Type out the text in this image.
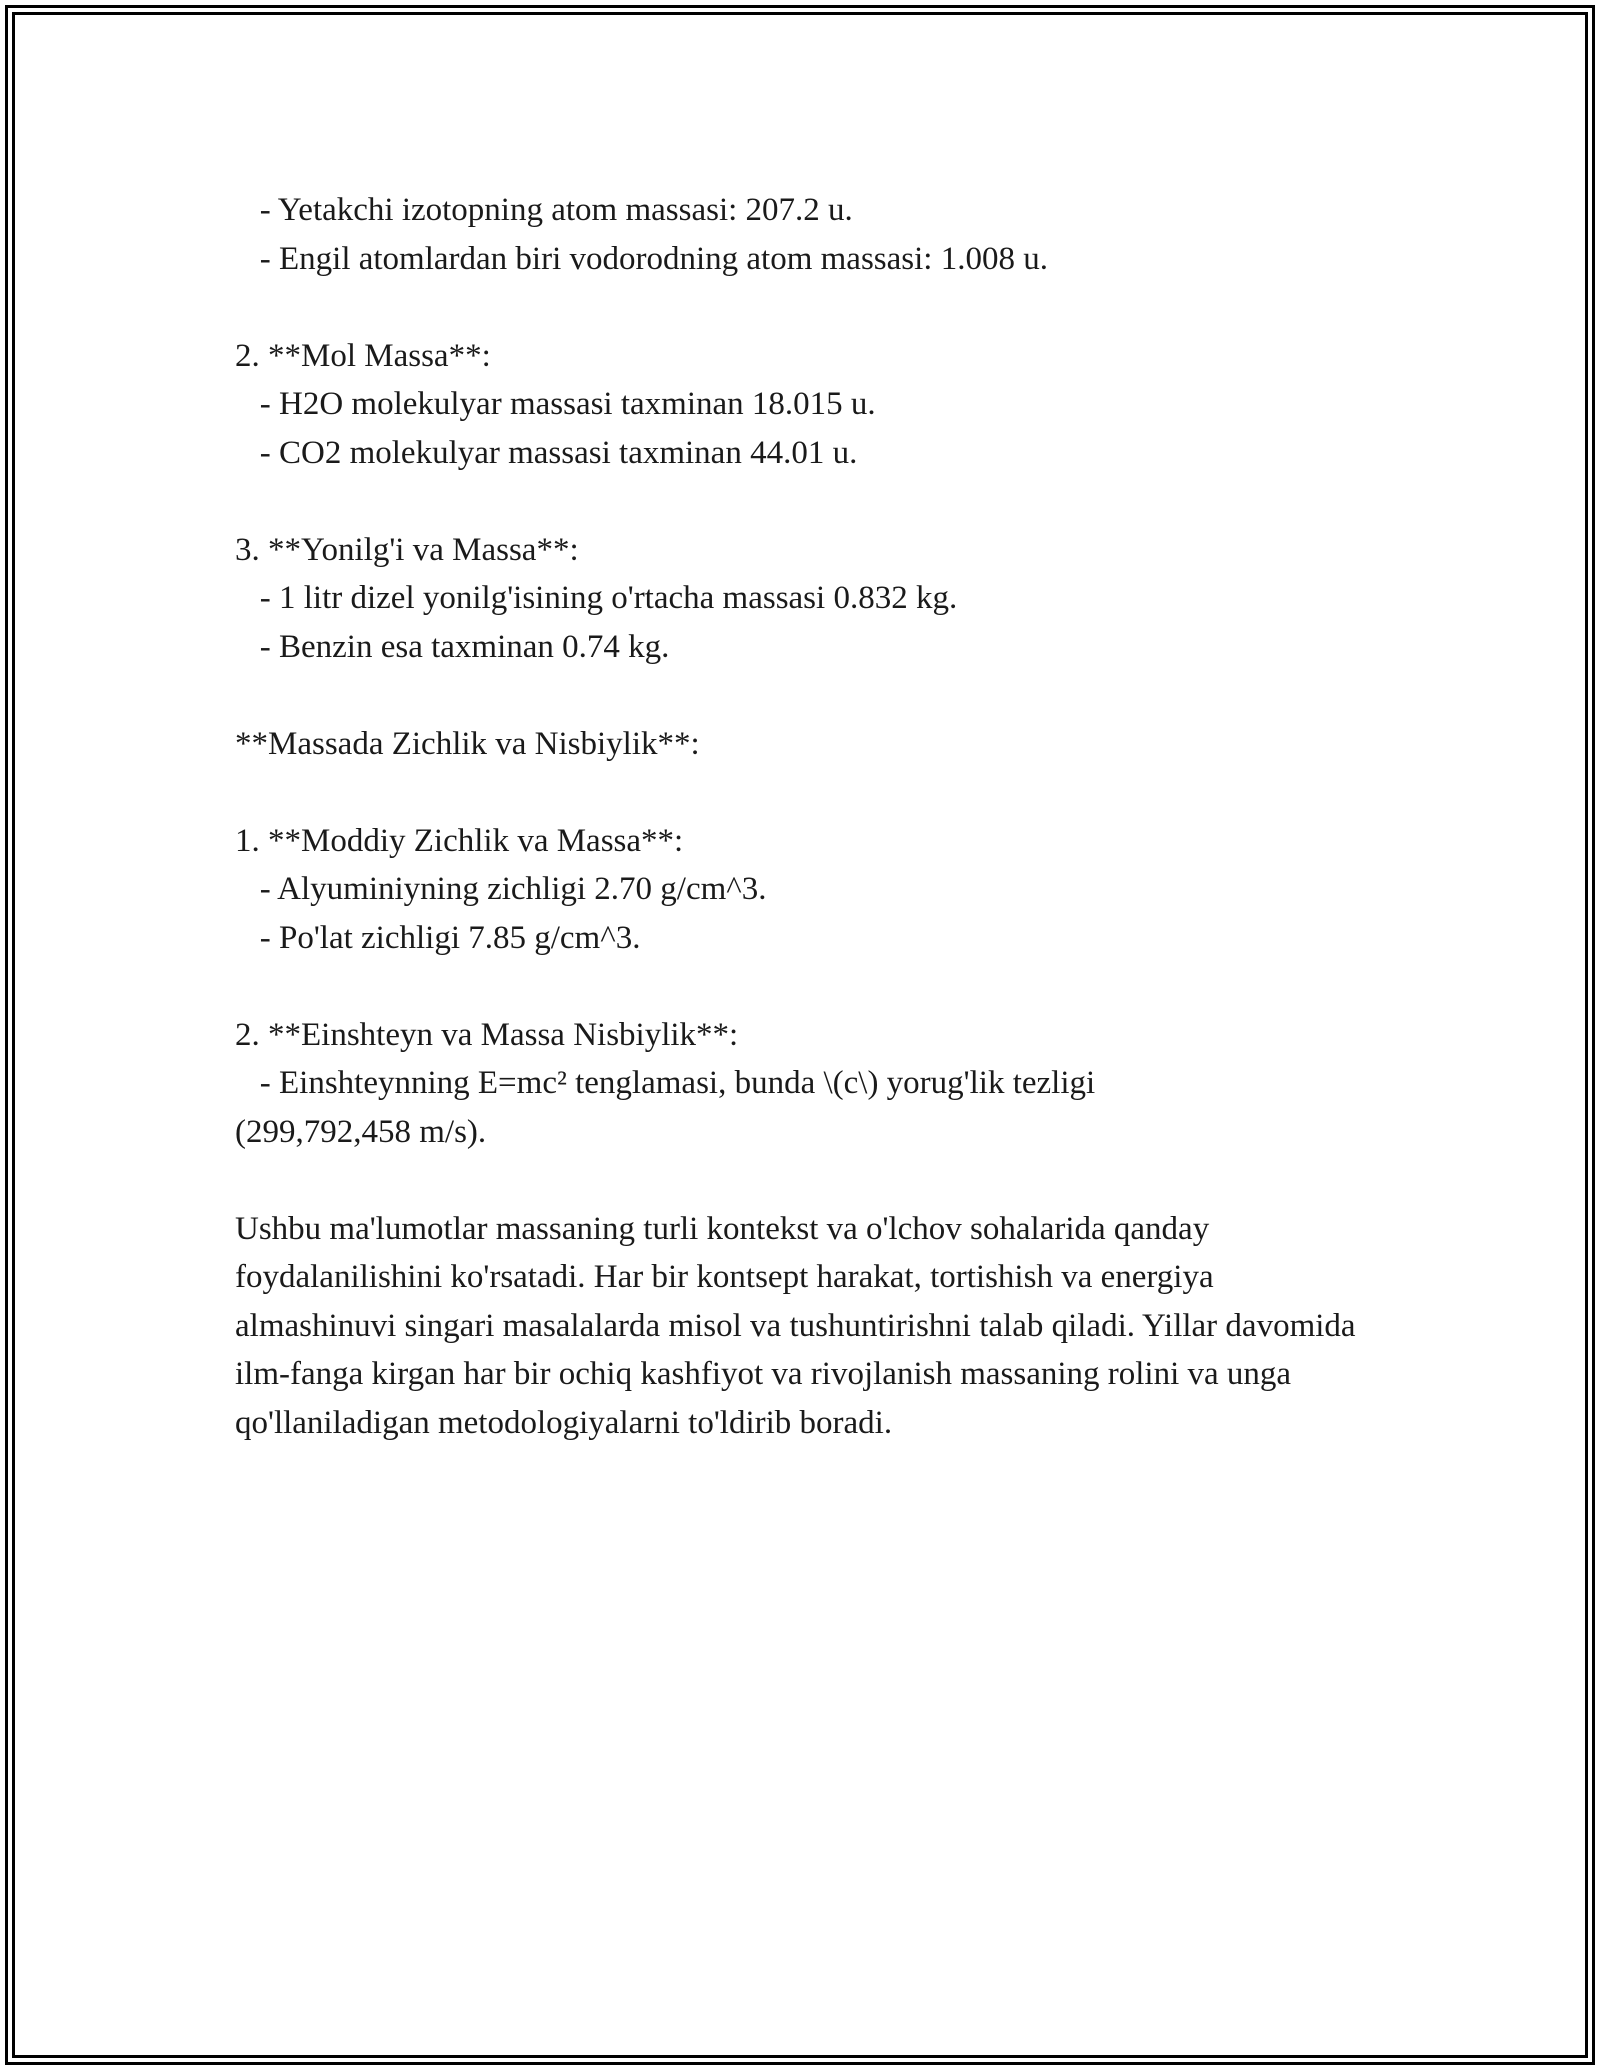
- Yetakchi izotopning atom massasi: 207.2 u.
- Engil atomlardan biri vodorodning atom massasi: 1.008 u.
2. **Mol Massa**:
- H2O molekulyar massasi taxminan 18.015 u.
- CO2 molekulyar massasi taxminan 44.01 u.
3. **Yonilg'i va Massa**:
- 1 litr dizel yonilg'isining o'rtacha massasi 0.832 kg.
- Benzin esa taxminan 0.74 kg.
**Massada Zichlik va Nisbiylik**:
1. **Moddiy Zichlik va Massa**:
- Alyuminiyning zichligi 2.70 g/cm^3.
- Po'lat zichligi 7.85 g/cm^3.
2. **Einshteyn va Massa Nisbiylik**:
- Einshteynning E=mc² tenglamasi, bunda \(c\) yorug'lik tezligi
(299,792,458 m/s).
Ushbu ma'lumotlar massaning turli kontekst va o'lchov sohalarida qanday foydalanilishini ko'rsatadi. Har bir kontsept harakat, tortishish va energiya almashinuvi singari masalalarda misol va tushuntirishni talab qiladi. Yillar davomida ilm-fanga kirgan har bir ochiq kashfiyot va rivojlanish massaning rolini va unga qo'llaniladigan metodologiyalarni to'ldirib boradi.
